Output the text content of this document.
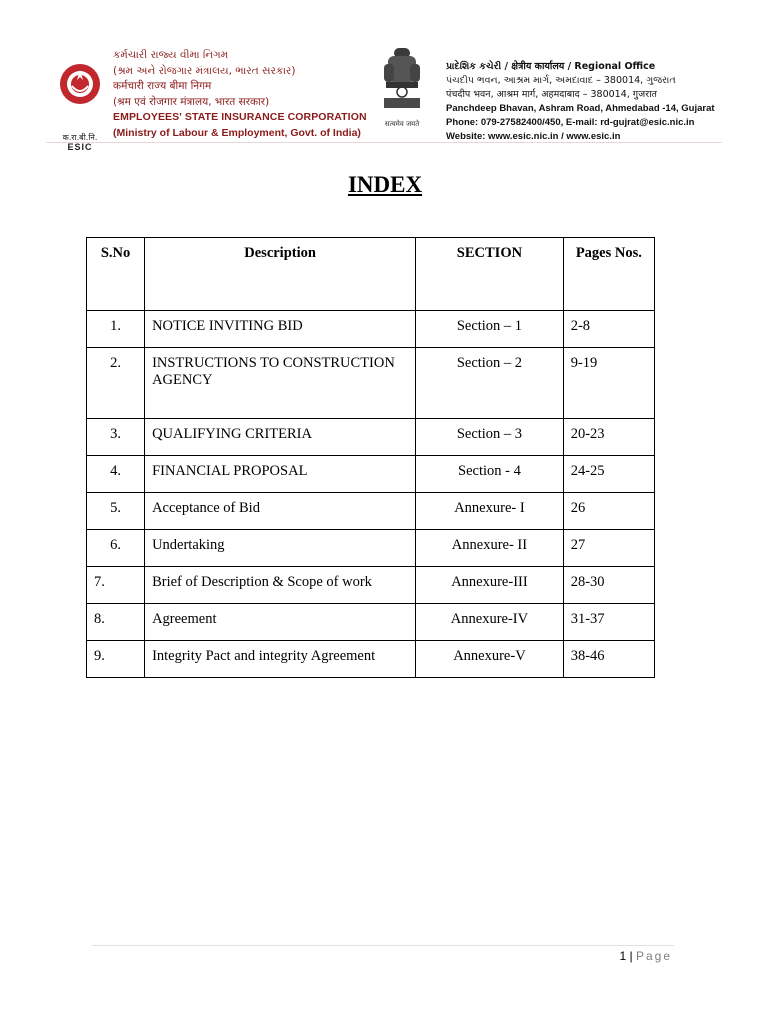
क.रा.बी.नि.
ESIC
કર્મચારી રાજ્ય વીમા નિગમ
(શ્રમ અને રોજગાર મંત્રાલય, ભારત સરકાર)
कर्मचारी राज्य बीमा निगम
(श्रम एवं रोजगार मंत्रालय, भारत सरकार)
EMPLOYEES' STATE INSURANCE CORPORATION
(Ministry of Labour & Employment, Govt. of India)
सत्यमेव जयते
પ્રાદેશિક કચેરી / क्षेत्रीय कार्यालय / Regional Office
પંચદીપ ભવન, આશ્રમ માર્ગ, અમદાવાદ – 380014, ગુજરાત
पंचदीप भवन, आश्रम मार्ग, अहमदाबाद – 380014, गुजरात
Panchdeep Bhavan, Ashram Road, Ahmedabad -14, Gujarat
Phone: 079-27582400/450, E-mail: rd-gujrat@esic.nic.in
Website: www.esic.nic.in / www.esic.in
INDEX
S.No	Description	SECTION	Pages Nos.
1.	NOTICE INVITING BID	Section – 1	2-8
2.	INSTRUCTIONS TO CONSTRUCTION AGENCY	Section – 2	9-19
3.	QUALIFYING CRITERIA	Section – 3	20-23
4.	FINANCIAL PROPOSAL	Section - 4	24-25
5.	Acceptance of Bid	Annexure- I	26
6.	Undertaking	Annexure- II	27
7.	Brief of Description & Scope of work	Annexure-III	28-30
8.	Agreement	Annexure-IV	31-37
9.	Integrity Pact and integrity Agreement	Annexure-V	38-46
1 | Page
